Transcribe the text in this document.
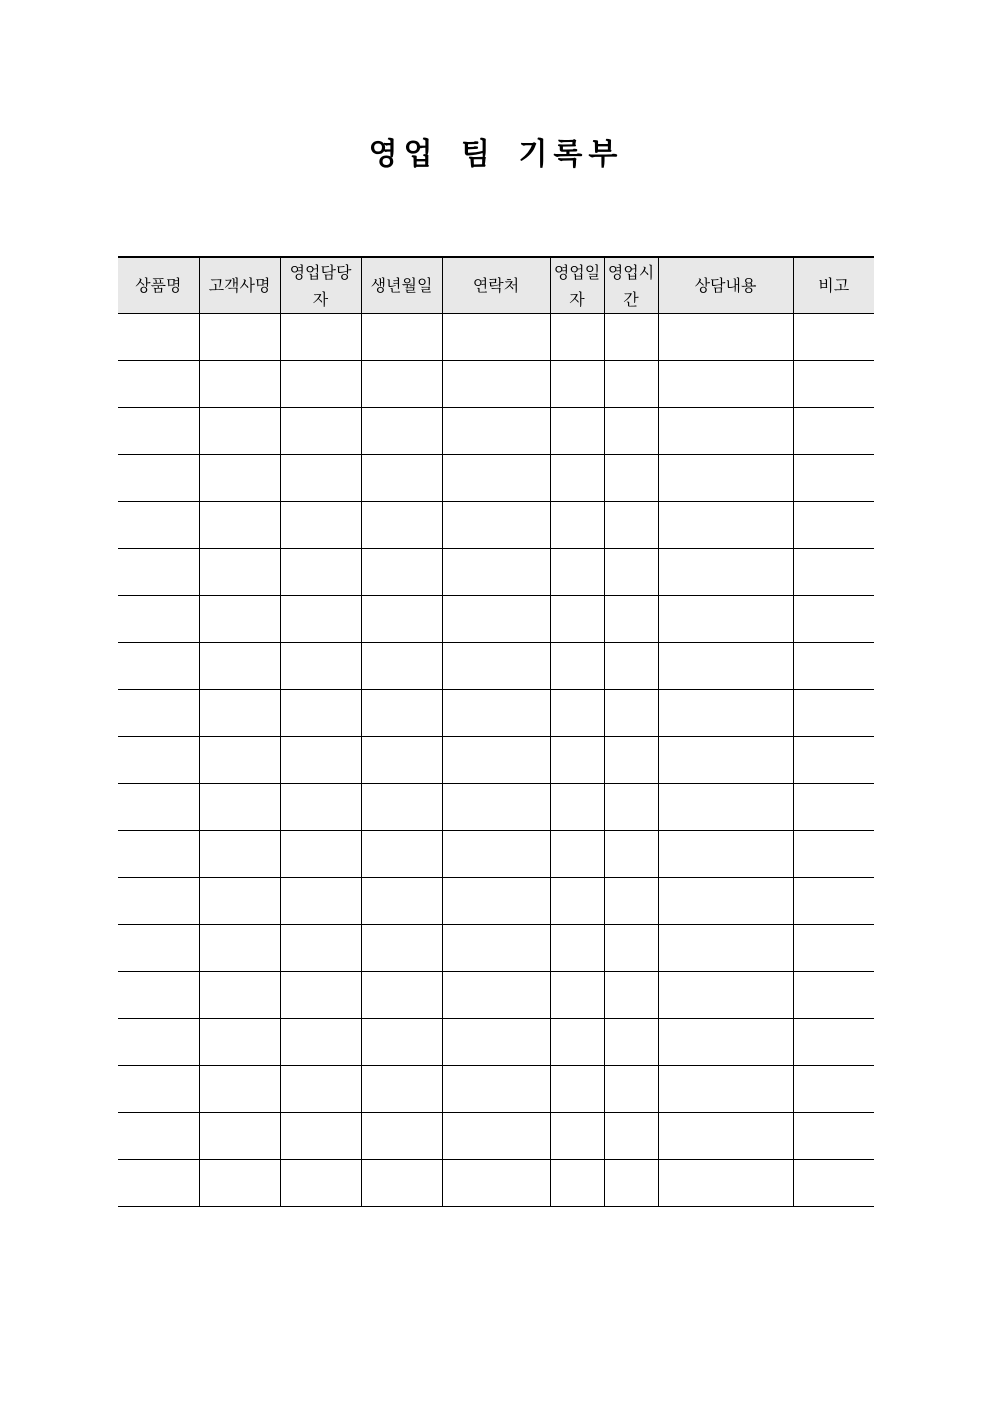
영업 팀 기록부
상품명	고객사명	영업담당자	생년월일	연락처	영업일자	영업시간	상담내용	비고
